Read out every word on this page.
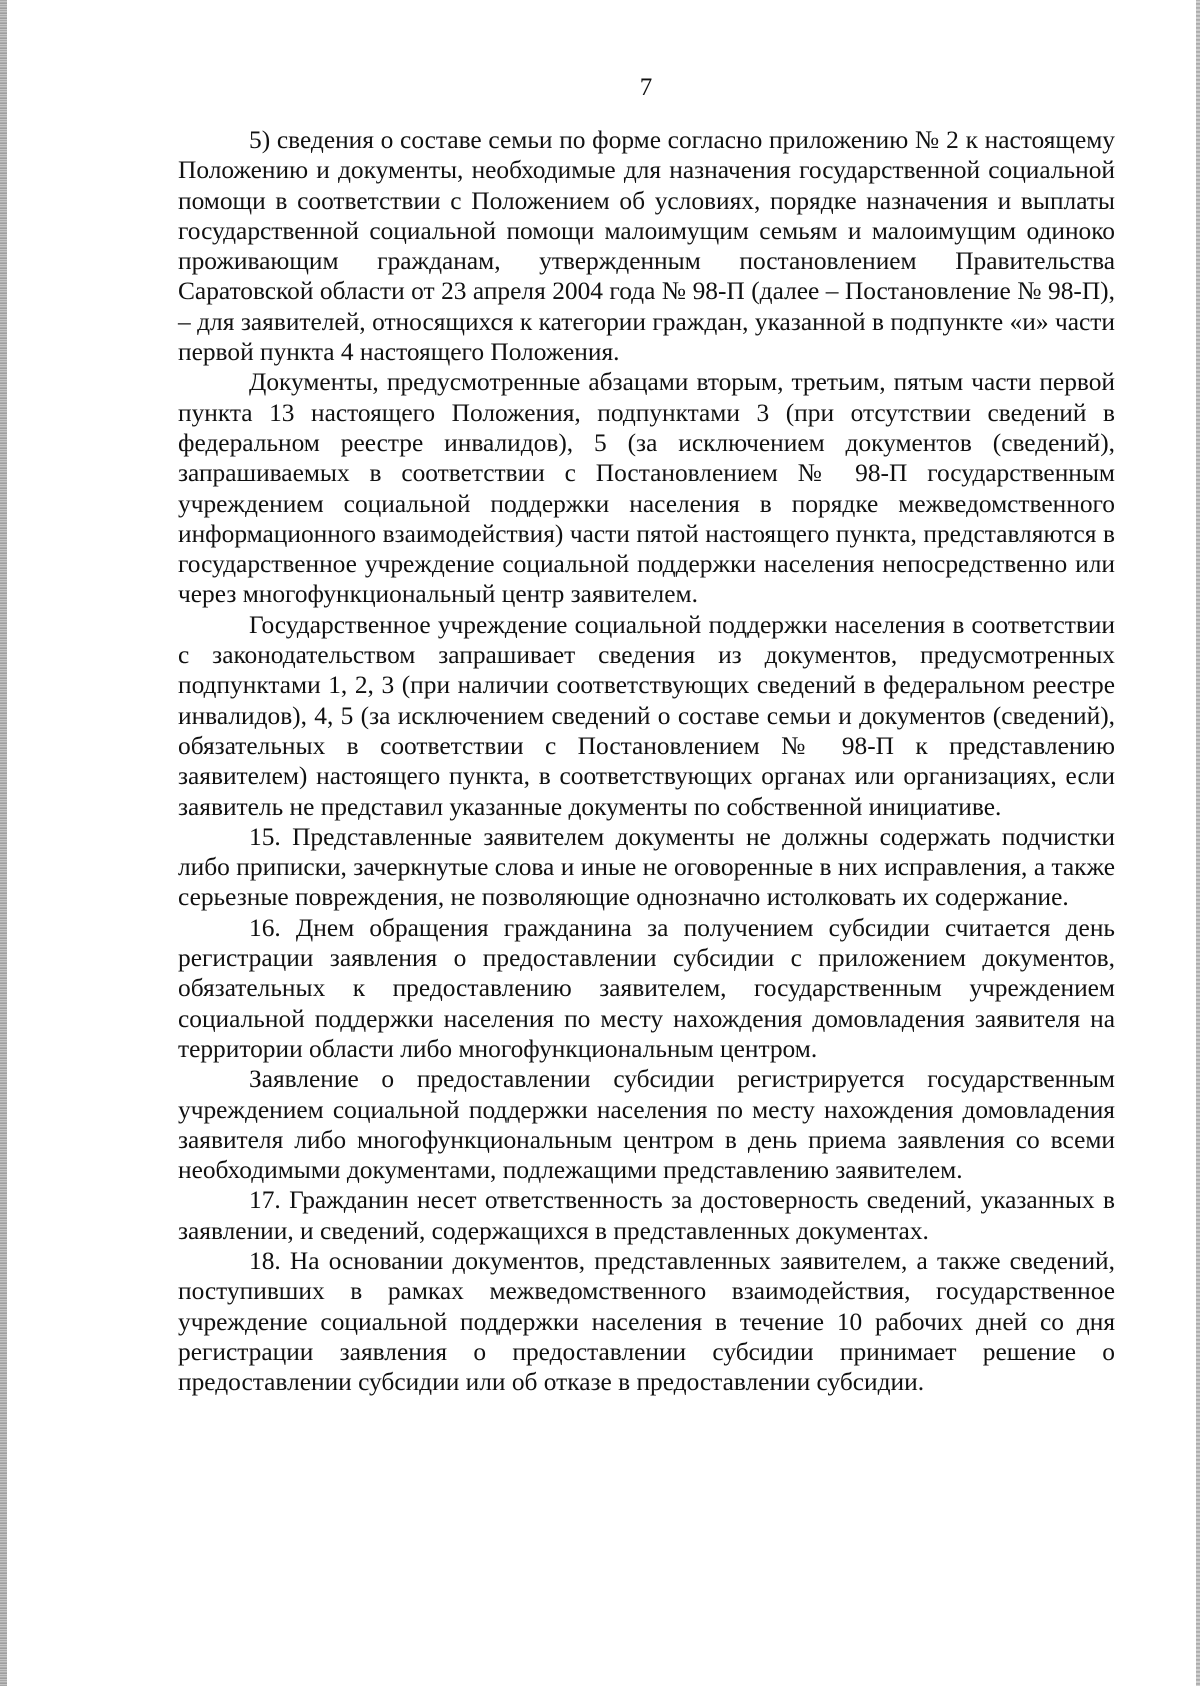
7

5) сведения о составе семьи по форме согласно приложению № 2 к настоящему Положению и документы, необходимые для назначения государственной социальной помощи в соответствии с Положением об условиях, порядке назначения и выплаты государственной социальной помощи малоимущим семьям и малоимущим одиноко проживающим гражданам, утвержденным постановлением Правительства Саратовской области от 23 апреля 2004 года № 98-П (далее – Постановление № 98-П), – для заявителей, относящихся к категории граждан, указанной в подпункте «и» части первой пункта 4 настоящего Положения.

Документы, предусмотренные абзацами вторым, третьим, пятым части первой пункта 13 настоящего Положения, подпунктами 3 (при отсутствии сведений в федеральном реестре инвалидов), 5 (за исключением документов (сведений), запрашиваемых в соответствии с Постановлением № 98-П государственным учреждением социальной поддержки населения в порядке межведомственного информационного взаимодействия) части пятой настоящего пункта, представляются в государственное учреждение социальной поддержки населения непосредственно или через многофункциональный центр заявителем.

Государственное учреждение социальной поддержки населения в соответствии с законодательством запрашивает сведения из документов, предусмотренных подпунктами 1, 2, 3 (при наличии соответствующих сведений в федеральном реестре инвалидов), 4, 5 (за исключением сведений о составе семьи и документов (сведений), обязательных в соответствии с Постановлением № 98-П к представлению заявителем) настоящего пункта, в соответствующих органах или организациях, если заявитель не представил указанные документы по собственной инициативе.

15. Представленные заявителем документы не должны содержать подчистки либо приписки, зачеркнутые слова и иные не оговоренные в них исправления, а также серьезные повреждения, не позволяющие однозначно истолковать их содержание.

16. Днем обращения гражданина за получением субсидии считается день регистрации заявления о предоставлении субсидии с приложением документов, обязательных к предоставлению заявителем, государственным учреждением социальной поддержки населения по месту нахождения домовладения заявителя на территории области либо многофункциональным центром.

Заявление о предоставлении субсидии регистрируется государственным учреждением социальной поддержки населения по месту нахождения домовладения заявителя либо многофункциональным центром в день приема заявления со всеми необходимыми документами, подлежащими представлению заявителем.

17. Гражданин несет ответственность за достоверность сведений, указанных в заявлении, и сведений, содержащихся в представленных документах.

18. На основании документов, представленных заявителем, а также сведений, поступивших в рамках межведомственного взаимодействия, государственное учреждение социальной поддержки населения в течение 10 рабочих дней со дня регистрации заявления о предоставлении субсидии принимает решение о предоставлении субсидии или об отказе в предоставлении субсидии.
